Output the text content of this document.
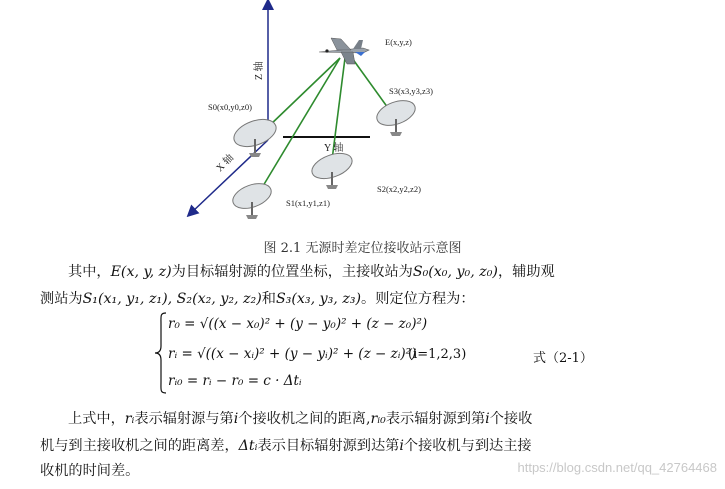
Z 轴
Y 轴
X 轴
E(x,y,z)
S0(x0,y0,z0)
S1(x1,y1,z1)
S2(x2,y2,z2)
S3(x3,y3,z3)
图 2.1 无源时差定位接收站示意图
其中，E(x, y, z)为目标辐射源的位置坐标，主接收站为S₀(x₀, y₀, z₀)，辅助观
测站为S₁(x₁, y₁, z₁), S₂(x₂, y₂, z₂)和S₃(x₃, y₃, z₃)。则定位方程为：
r₀ = √((x − x₀)² + (y − y₀)² + (z − z₀)²)
rᵢ = √((x − xᵢ)² + (y − yᵢ)² + (z − zᵢ)²)
rᵢ₀ = rᵢ − r₀ = c · Δtᵢ
(i=1,2,3)	式（2-1）
上式中，rᵢ表示辐射源与第i个接收机之间的距离,rᵢ₀表示辐射源到第i个接收
机与到主接收机之间的距离差，Δtᵢ表示目标辐射源到达第i个接收机与到达主接
收机的时间差。	https://blog.csdn.net/qq_42764468
